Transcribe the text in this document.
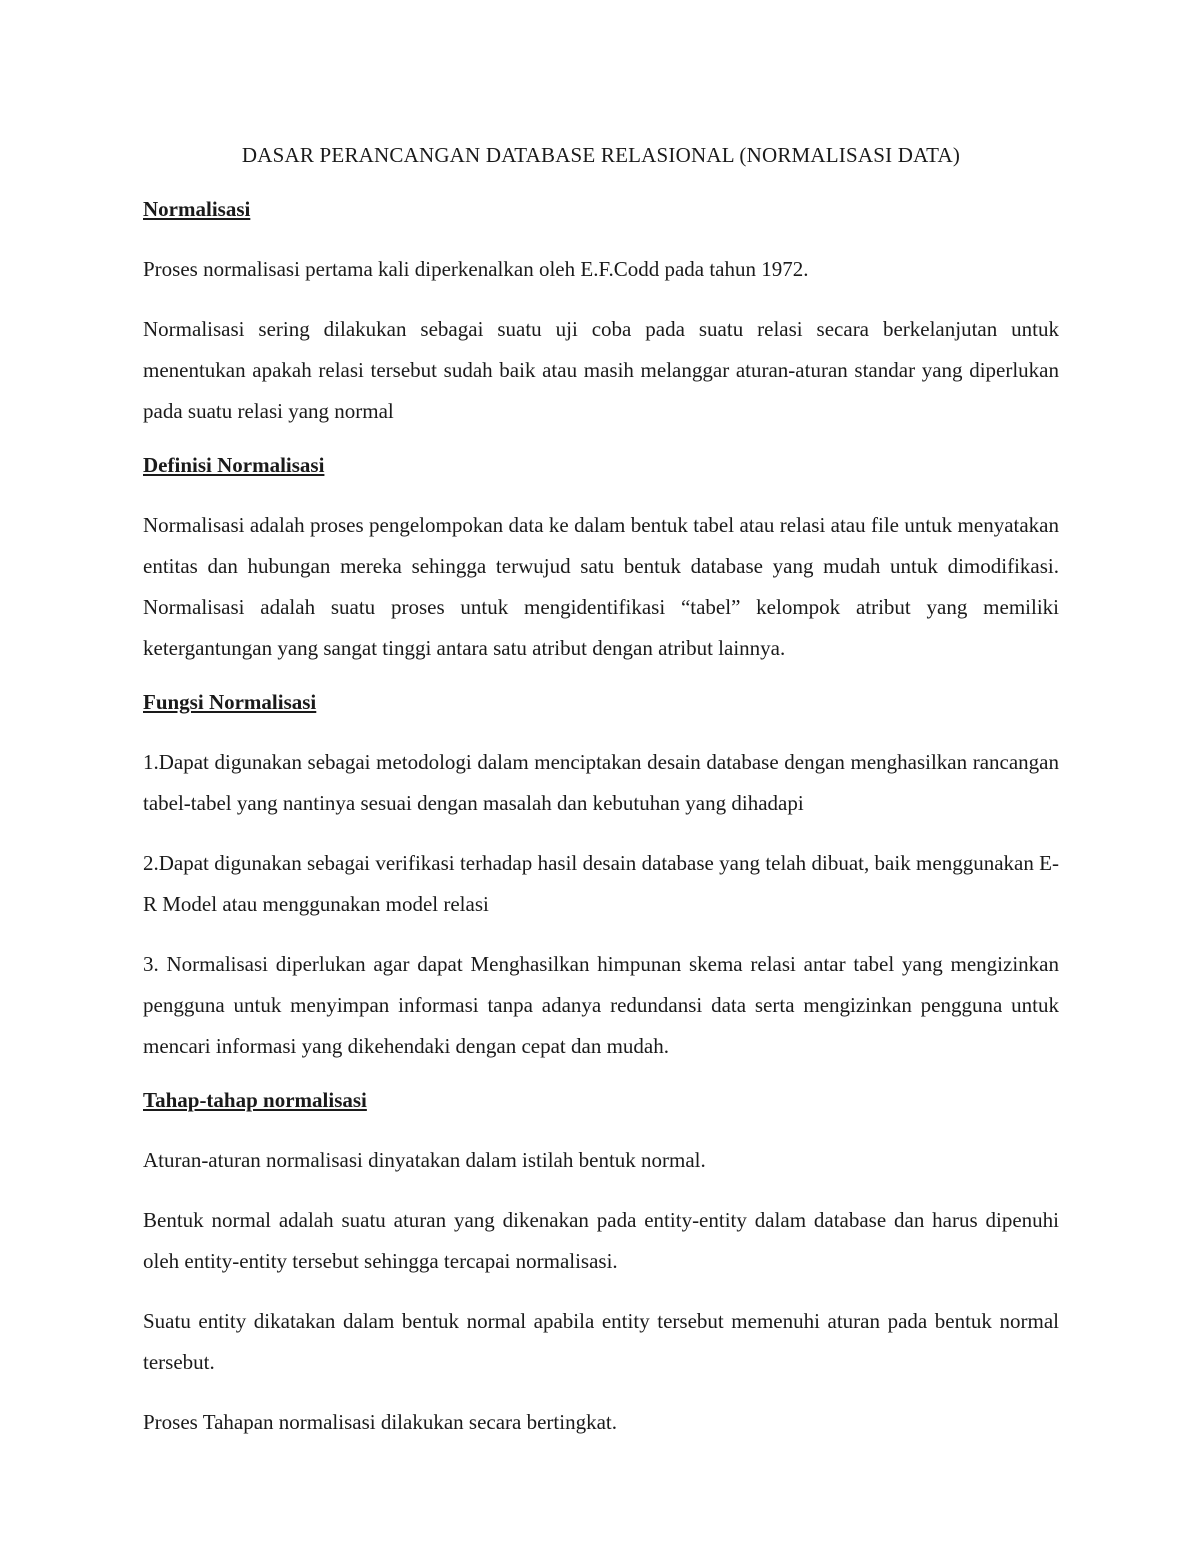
DASAR PERANCANGAN DATABASE RELASIONAL (NORMALISASI DATA)
Normalisasi

Proses normalisasi pertama kali diperkenalkan oleh E.F.Codd pada tahun 1972.

Normalisasi sering dilakukan sebagai suatu uji coba pada suatu relasi secara berkelanjutan untuk menentukan apakah relasi tersebut sudah baik atau masih melanggar aturan-aturan standar yang diperlukan pada suatu relasi yang normal

Definisi Normalisasi

Normalisasi adalah proses pengelompokan data ke dalam bentuk tabel atau relasi atau file untuk menyatakan entitas dan hubungan mereka sehingga terwujud satu bentuk database yang mudah untuk dimodifikasi. Normalisasi adalah suatu proses untuk mengidentifikasi “tabel” kelompok atribut yang memiliki ketergantungan yang sangat tinggi antara satu atribut dengan atribut lainnya.

Fungsi Normalisasi

1.Dapat digunakan sebagai metodologi dalam menciptakan desain database dengan menghasilkan rancangan tabel-tabel yang nantinya sesuai dengan masalah dan kebutuhan yang dihadapi

2.Dapat digunakan sebagai verifikasi terhadap hasil desain database yang telah dibuat, baik menggunakan E-R Model atau menggunakan model relasi

3. Normalisasi diperlukan agar dapat Menghasilkan himpunan skema relasi antar tabel yang mengizinkan pengguna untuk menyimpan informasi tanpa adanya redundansi data serta mengizinkan pengguna untuk mencari informasi yang dikehendaki dengan cepat dan mudah.

Tahap-tahap normalisasi

Aturan-aturan normalisasi dinyatakan dalam istilah bentuk normal.

Bentuk normal adalah suatu aturan yang dikenakan pada entity-entity dalam database dan harus dipenuhi oleh entity-entity tersebut sehingga tercapai normalisasi.

Suatu entity dikatakan dalam bentuk normal apabila entity tersebut memenuhi aturan pada bentuk normal tersebut.

Proses Tahapan normalisasi dilakukan secara bertingkat.
